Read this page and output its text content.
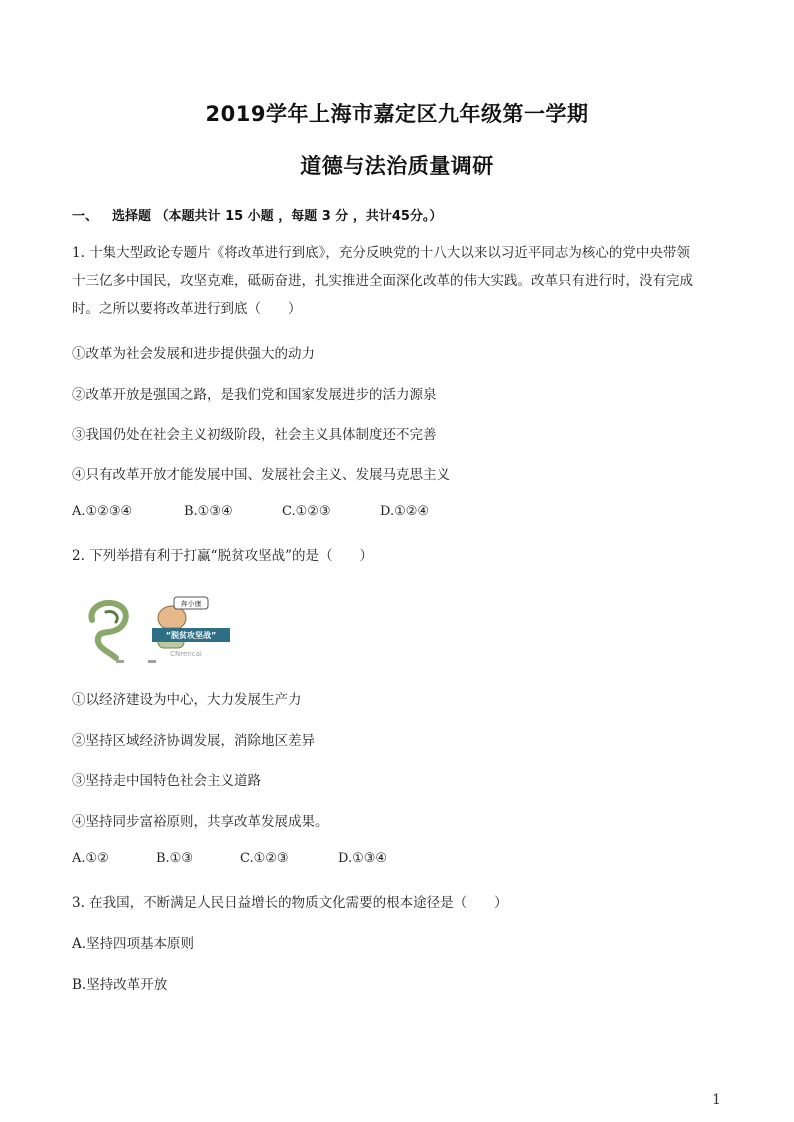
2019学年上海市嘉定区九年级第一学期
道德与法治质量调研
一、 选择题 （本题共计 15 小题 ，每题 3 分 ，共计45分。）
1. 十集大型政论专题片《将改革进行到底》，充分反映党的十八大以来以习近平同志为核心的党中央带领
十三亿多中国民，攻坚克难，砥砺奋进，扎实推进全面深化改革的伟大实践。改革只有进行时，没有完成
时。之所以要将改革进行到底（　　）
①改革为社会发展和进步提供强大的动力
②改革开放是强国之路，是我们党和国家发展进步的活力源泉
③我国仍处在社会主义初级阶段，社会主义具体制度还不完善
④只有改革开放才能发展中国、发展社会主义、发展马克思主义
A.①②③④	B.①③④	C.①②③	D.①②④
2. 下列举措有利于打赢“脱贫攻坚战”的是（　　）
奔小康
“脱贫攻坚战”
CNrencai
①以经济建设为中心，大力发展生产力
②坚持区域经济协调发展，消除地区差异
③坚持走中国特色社会主义道路
④坚持同步富裕原则，共享改革发展成果。
A.①②	B.①③	C.①②③	D.①③④
3. 在我国，不断满足人民日益增长的物质文化需要的根本途径是（　　）
A.坚持四项基本原则
B.坚持改革开放
1
